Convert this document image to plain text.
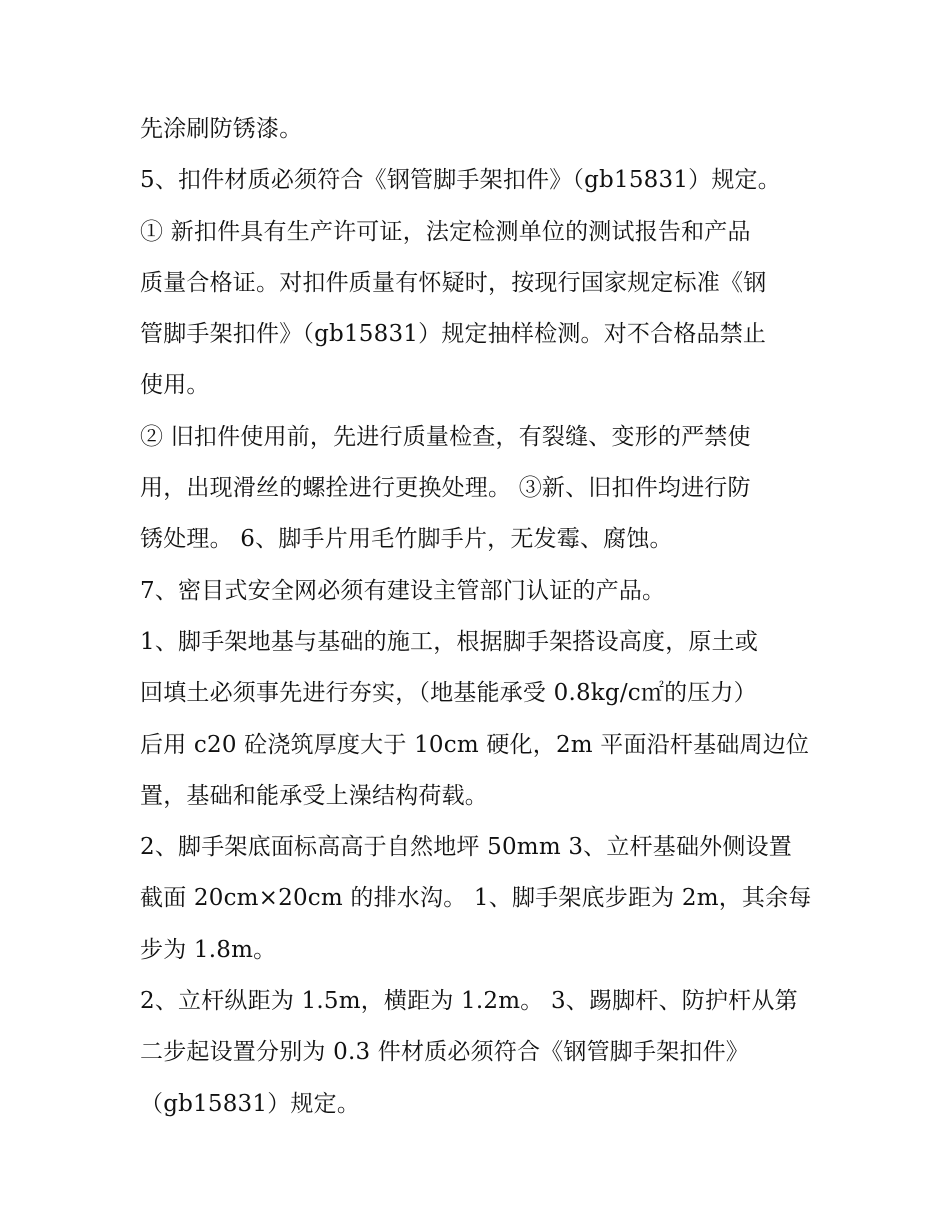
先涂刷防锈漆。
5、扣件材质必须符合《钢管脚手架扣件》（gb15831）规定。
① 新扣件具有生产许可证，法定检测单位的测试报告和产品
质量合格证。对扣件质量有怀疑时，按现行国家规定标准《钢
管脚手架扣件》（gb15831）规定抽样检测。对不合格品禁止
使用。
② 旧扣件使用前，先进行质量检查，有裂缝、变形的严禁使
用，出现滑丝的螺拴进行更换处理。 ③新、旧扣件均进行防
锈处理。 6、脚手片用毛竹脚手片，无发霉、腐蚀。
7、密目式安全网必须有建设主管部门认证的产品。
1、脚手架地基与基础的施工，根据脚手架搭设高度，原土或
回填土必须事先进行夯实，（地基能承受 0.8kg/c㎡的压力）
后用 c20 砼浇筑厚度大于 10cm 硬化，2m 平面沿杆基础周边位
置，基础和能承受上澡结构荷载。
2、脚手架底面标高高于自然地坪 50mm 3、立杆基础外侧设置
截面 20cm×20cm 的排水沟。 1、脚手架底步距为 2m，其余每
步为 1.8m。
2、立杆纵距为 1.5m，横距为 1.2m。 3、踢脚杆、防护杆从第
二步起设置分别为 0.3 件材质必须符合《钢管脚手架扣件》
（gb15831）规定。
